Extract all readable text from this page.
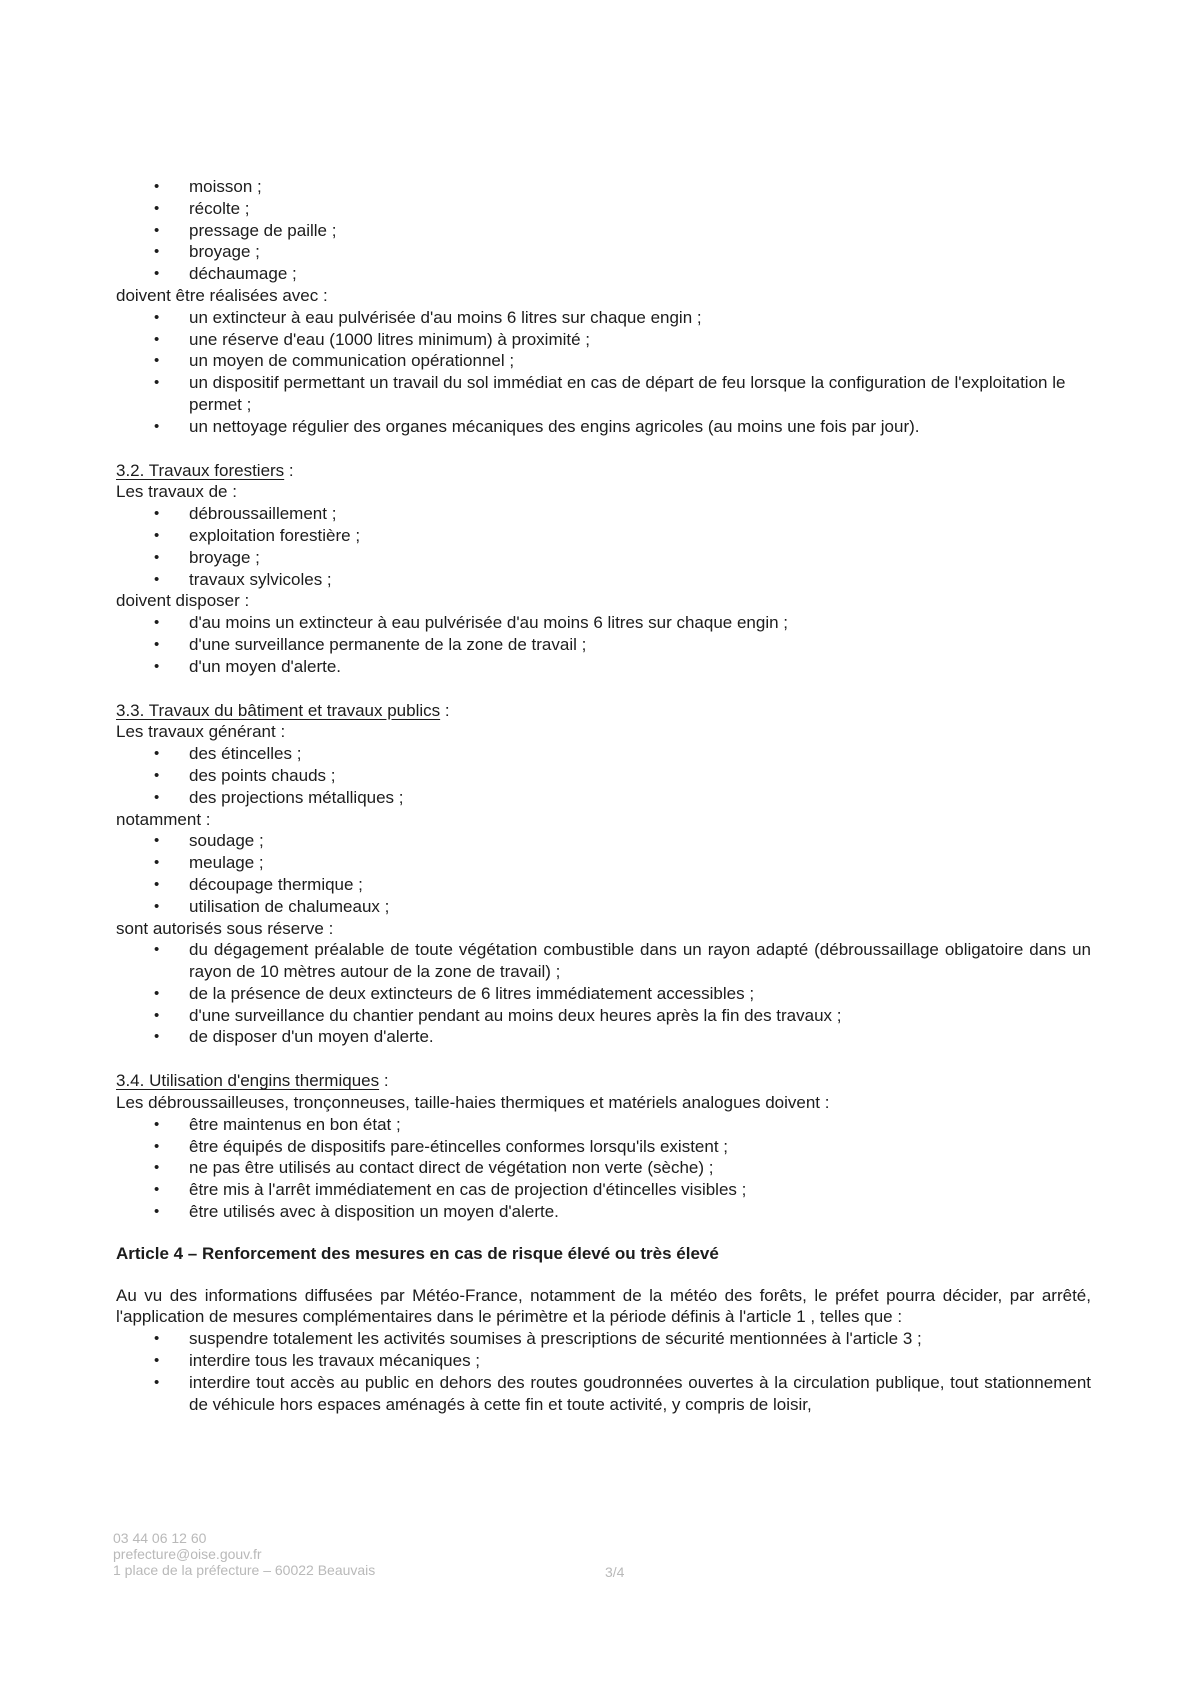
• moisson ;
• récolte ;
• pressage de paille ;
• broyage ;
• déchaumage ;

doivent être réalisées avec :

• un extincteur à eau pulvérisée d'au moins 6 litres sur chaque engin ;
• une réserve d'eau (1000 litres minimum) à proximité ;
• un moyen de communication opérationnel ;
• un dispositif permettant un travail du sol immédiat en cas de départ de feu lorsque la configuration de l'exploitation le permet ;
• un nettoyage régulier des organes mécaniques des engins agricoles (au moins une fois par jour).

3.2. Travaux forestiers :

Les travaux de :

• débroussaillement ;
• exploitation forestière ;
• broyage ;
• travaux sylvicoles ;

doivent disposer :

• d'au moins un extincteur à eau pulvérisée d'au moins 6 litres sur chaque engin ;
• d'une surveillance permanente de la zone de travail ;
• d'un moyen d'alerte.

3.3. Travaux du bâtiment et travaux publics :

Les travaux générant :

• des étincelles ;
• des points chauds ;
• des projections métalliques ;

notamment :

• soudage ;
• meulage ;
• découpage thermique ;
• utilisation de chalumeaux ;

sont autorisés sous réserve :

• du dégagement préalable de toute végétation combustible dans un rayon adapté (débroussaillage obligatoire dans un rayon de 10 mètres autour de la zone de travail) ;
• de la présence de deux extincteurs de 6 litres immédiatement accessibles ;
• d'une surveillance du chantier pendant au moins deux heures après la fin des travaux ;
• de disposer d'un moyen d'alerte.

3.4. Utilisation d'engins thermiques :

Les débroussailleuses, tronçonneuses, taille-haies thermiques et matériels analogues doivent :

• être maintenus en bon état ;
• être équipés de dispositifs pare-étincelles conformes lorsqu'ils existent ;
• ne pas être utilisés au contact direct de végétation non verte (sèche) ;
• être mis à l'arrêt immédiatement en cas de projection d'étincelles visibles ;
• être utilisés avec à disposition un moyen d'alerte.

Article 4 – Renforcement des mesures en cas de risque élevé ou très élevé

Au vu des informations diffusées par Météo-France, notamment de la météo des forêts, le préfet pourra décider, par arrêté, l'application de mesures complémentaires dans le périmètre et la période définis à l'article 1 , telles que :

• suspendre totalement les activités soumises à prescriptions de sécurité mentionnées à l'article 3 ;
• interdire tous les travaux mécaniques ;
• interdire tout accès au public en dehors des routes goudronnées ouvertes à la circulation publique, tout stationnement de véhicule hors espaces aménagés à cette fin et toute activité, y compris de loisir,
03 44 06 12 60
prefecture@oise.gouv.fr
1 place de la préfecture – 60022 Beauvais	3/4
